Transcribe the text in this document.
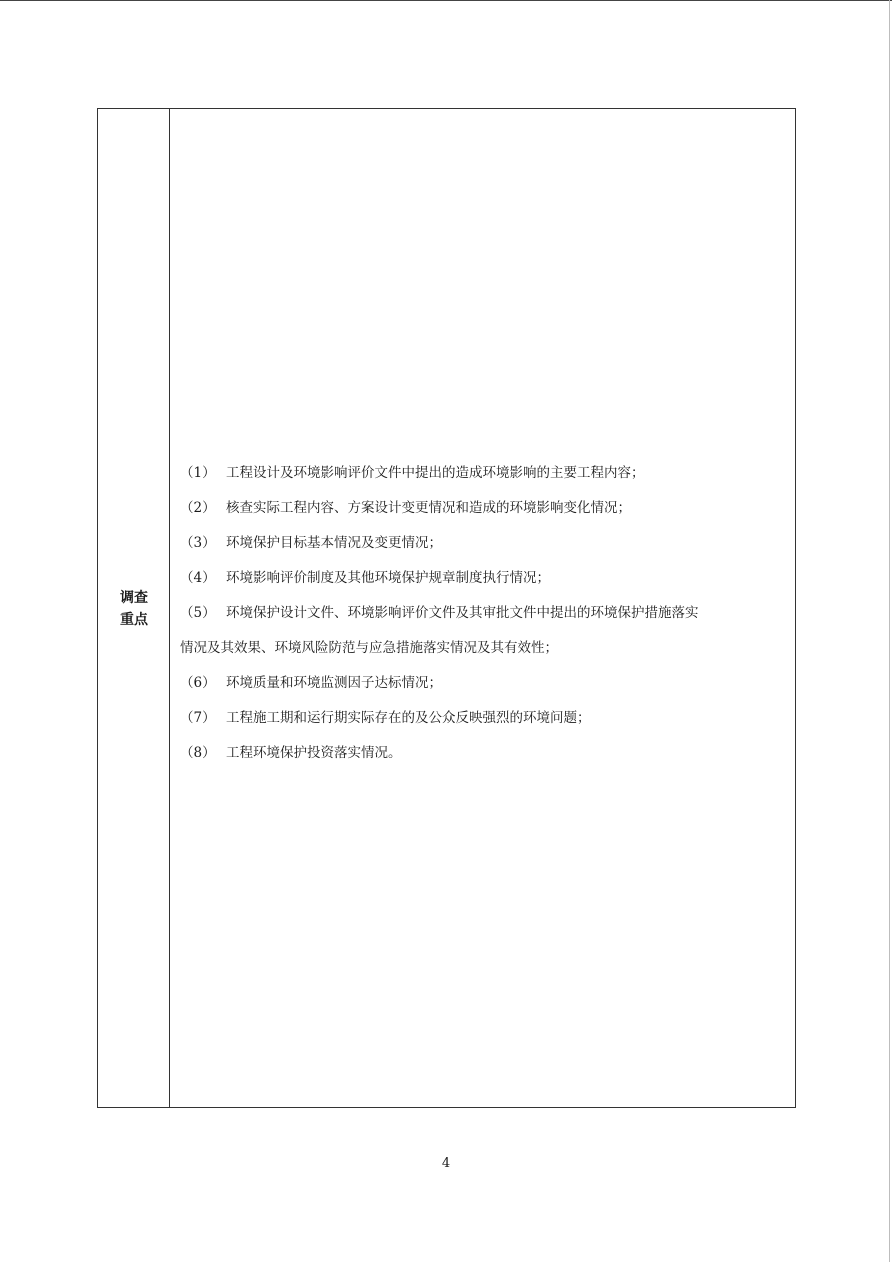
调查
重点
（1） 工程设计及环境影响评价文件中提出的造成环境影响的主要工程内容；
（2） 核查实际工程内容、方案设计变更情况和造成的环境影响变化情况；
（3） 环境保护目标基本情况及变更情况；
（4） 环境影响评价制度及其他环境保护规章制度执行情况；
（5） 环境保护设计文件、环境影响评价文件及其审批文件中提出的环境保护措施落实
情况及其效果、环境风险防范与应急措施落实情况及其有效性；
（6） 环境质量和环境监测因子达标情况；
（7） 工程施工期和运行期实际存在的及公众反映强烈的环境问题；
（8） 工程环境保护投资落实情况。
4
